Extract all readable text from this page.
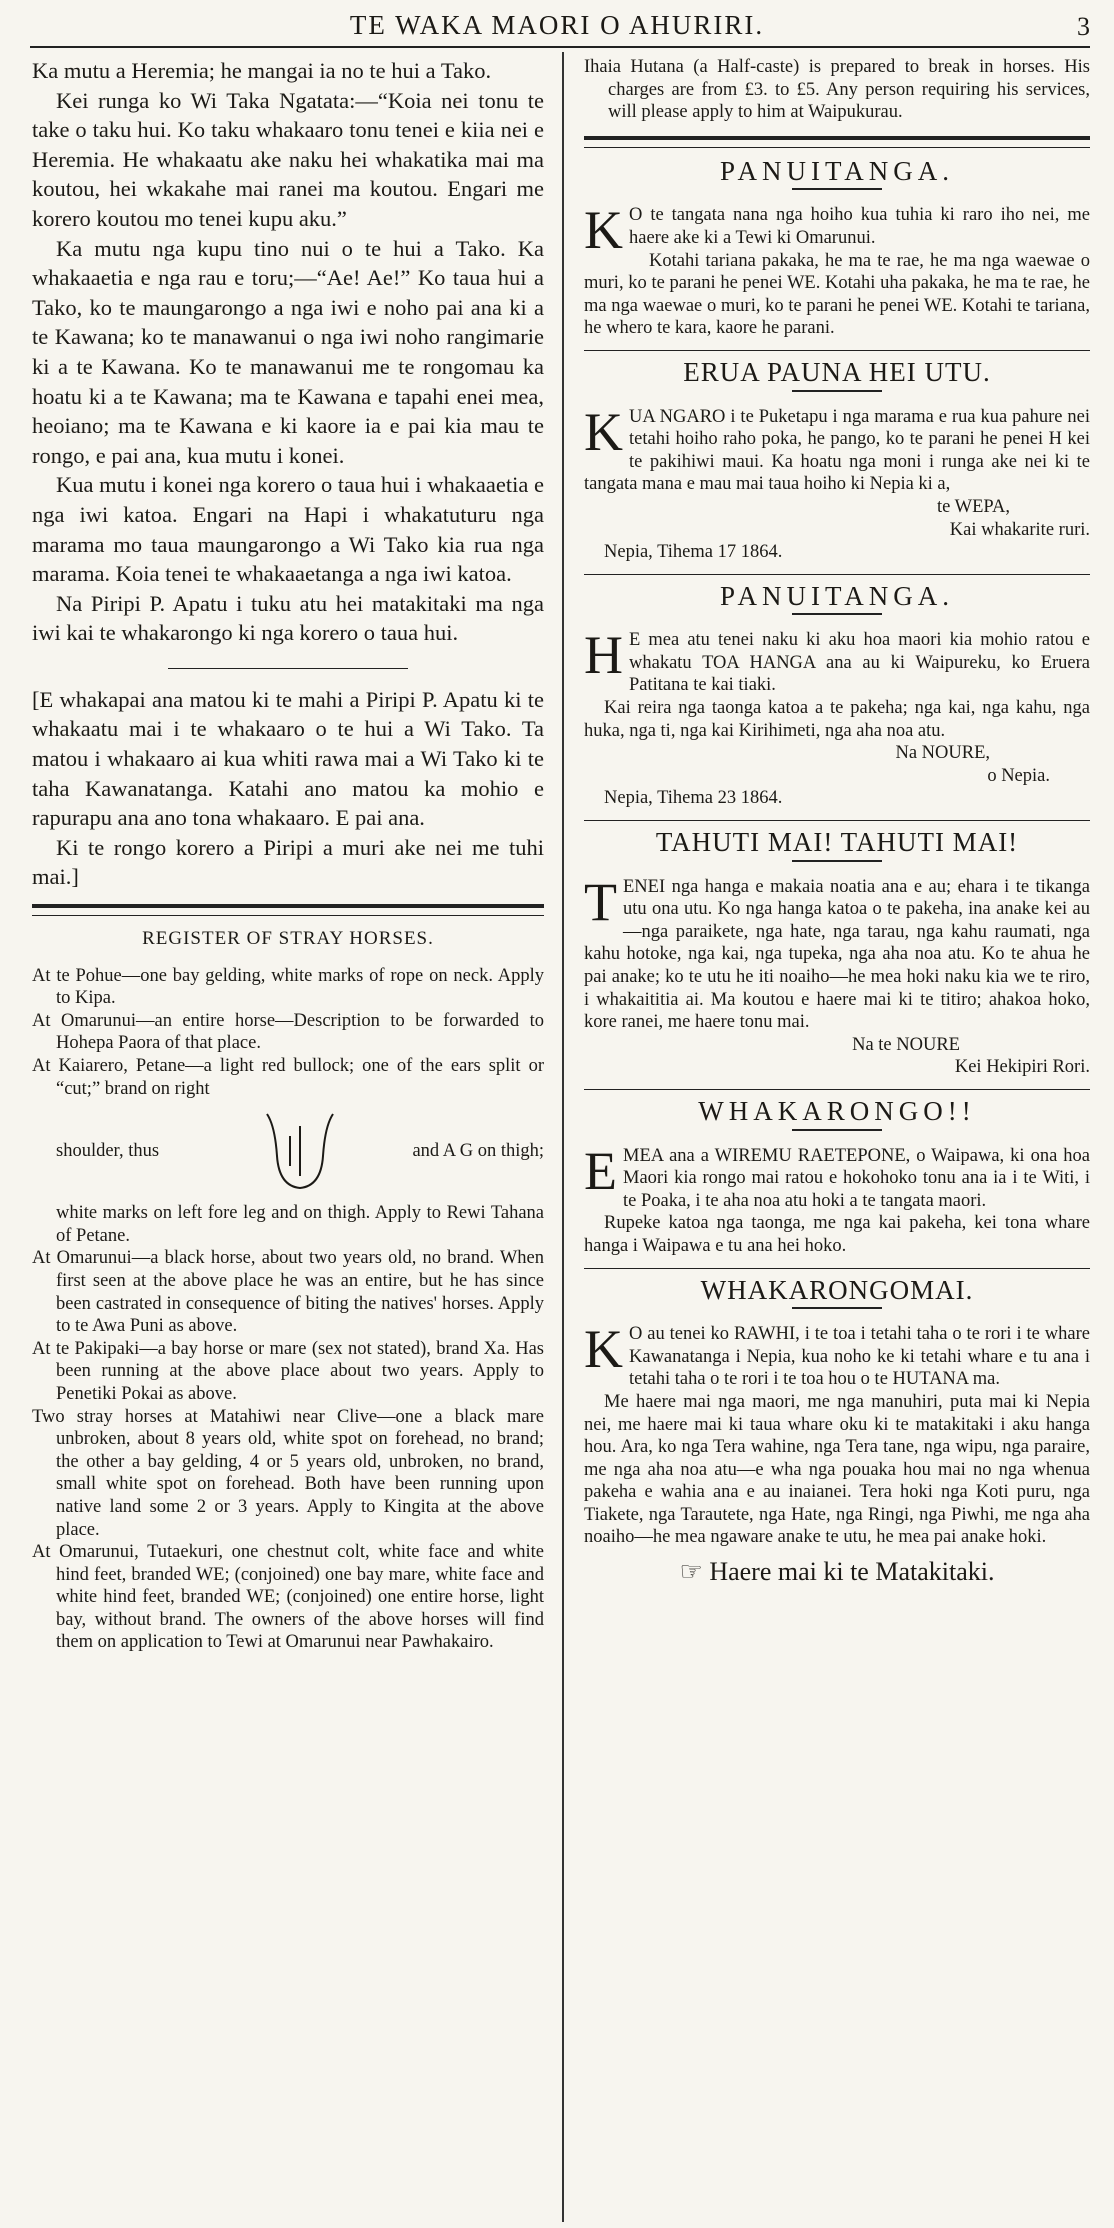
TE WAKA MAORI O AHURIRI.	3

Ka mutu a Heremia; he mangai ia no te hui a Tako.

Kei runga ko Wi Taka Ngatata:—“Koia nei tonu te take o taku hui. Ko taku whakaaro tonu tenei e kiia nei e Heremia. He whakaatu ake naku hei whakatika mai ma koutou, hei wkakahe mai ranei ma koutou. Engari me korero koutou mo tenei kupu aku.”

Ka mutu nga kupu tino nui o te hui a Tako. Ka whakaaetia e nga rau e toru;—“Ae! Ae!” Ko taua hui a Tako, ko te maungarongo a nga iwi e noho pai ana ki a te Kawana; ko te manawanui o nga iwi noho rangimarie ki a te Kawana. Ko te manawanui me te rongomau ka hoatu ki a te Kawana; ma te Kawana e tapahi enei mea, heoiano; ma te Kawana e ki kaore ia e pai kia mau te rongo, e pai ana, kua mutu i konei.

Kua mutu i konei nga korero o taua hui i whakaaetia e nga iwi katoa. Engari na Hapi i whakatuturu nga marama mo taua maungarongo a Wi Tako kia rua nga marama. Koia tenei te whakaaetanga a nga iwi katoa.

Na Piripi P. Apatu i tuku atu hei matakitaki ma nga iwi kai te whakarongo ki nga korero o taua hui.

[E whakapai ana matou ki te mahi a Piripi P. Apatu ki te whakaatu mai i te whakaaro o te hui a Wi Tako. Ta matou i whakaaro ai kua whiti rawa mai a Wi Tako ki te taha Kawanatanga. Katahi ano matou ka mohio e rapurapu ana ano tona whakaaro. E pai ana.

Ki te rongo korero a Piripi a muri ake nei me tuhi mai.]

REGISTER OF STRAY HORSES.

At te Pohue—one bay gelding, white marks of rope on neck. Apply to Kipa.

At Omarunui—an entire horse—Description to be forwarded to Hohepa Paora of that place.

At Kaiarero, Petane—a light red bullock; one of the ears split or “cut;” brand on right

shoulder, thus	and A G on thigh;

white marks on left fore leg and on thigh. Apply to Rewi Tahana of Petane.

At Omarunui—a black horse, about two years old, no brand. When first seen at the above place he was an entire, but he has since been castrated in consequence of biting the natives' horses. Apply to te Awa Puni as above.

At te Pakipaki—a bay horse or mare (sex not stated), brand Xa. Has been running at the above place about two years. Apply to Penetiki Pokai as above.

Two stray horses at Matahiwi near Clive—one a black mare unbroken, about 8 years old, white spot on forehead, no brand; the other a bay gelding, 4 or 5 years old, unbroken, no brand, small white spot on forehead. Both have been running upon native land some 2 or 3 years. Apply to Kingita at the above place.

At Omarunui, Tutaekuri, one chestnut colt, white face and white hind feet, branded WE; (conjoined) one bay mare, white face and white hind feet, branded WE; (conjoined) one entire horse, light bay, without brand. The owners of the above horses will find them on application to Tewi at Omarunui near Pawhakairo.

Ihaia Hutana (a Half-caste) is prepared to break in horses. His charges are from £3. to £5. Any person requiring his services, will please apply to him at Waipukurau.

PANUITANGA.

K O te tangata nana nga hoiho kua tuhia ki raro iho nei, me haere ake ki a Tewi ki Omarunui.

Kotahi tariana pakaka, he ma te rae, he ma nga waewae o muri, ko te parani he penei WE. Kotahi uha pakaka, he ma te rae, he ma nga waewae o muri, ko te parani he penei WE. Kotahi te tariana, he whero te kara, kaore he parani.

ERUA PAUNA HEI UTU.

KUA NGARO i te Puketapu i nga marama e rua kua pahure nei tetahi hoiho raho poka, he pango, ko te parani he penei H kei te pakihiwi maui. Ka hoatu nga moni i runga ake nei ki te tangata mana e mau mai taua hoiho ki Nepia ki a,

te WEPA,

Kai whakarite ruri.

Nepia, Tihema 17 1864.

PANUITANGA.

H E mea atu tenei naku ki aku hoa maori kia mohio ratou e whakatu TOA HANGA ana au ki Waipureku, ko Eruera Patitana te kai tiaki.

Kai reira nga taonga katoa a te pakeha; nga kai, nga kahu, nga huka, nga ti, nga kai Kirihimeti, nga aha noa atu.

Na NOURE,

o Nepia.

Nepia, Tihema 23 1864.

TAHUTI MAI! TAHUTI MAI!

TENEI nga hanga e makaia noatia ana e au; ehara i te tikanga utu ona utu. Ko nga hanga katoa o te pakeha, ina anake kei au—nga paraikete, nga hate, nga tarau, nga kahu raumati, nga kahu hotoke, nga kai, nga tupeka, nga aha noa atu. Ko te ahua he pai anake; ko te utu he iti noaiho—he mea hoki naku kia we te riro, i whakaititia ai. Ma koutou e haere mai ki te titiro; ahakoa hoko, kore ranei, me haere tonu mai.

Na te NOURE

Kei Hekipiri Rori.

WHAKARONGO!!

EMEA ana a WIREMU RAETEPONE, o Waipawa, ki ona hoa Maori kia rongo mai ratou e hokohoko tonu ana ia i te Witi, i te Poaka, i te aha noa atu hoki a te tangata maori.

Rupeke katoa nga taonga, me nga kai pakeha, kei tona whare hanga i Waipawa e tu ana hei hoko.

WHAKARONGOMAI.

K O au tenei ko RAWHI, i te toa i tetahi taha o te rori i te whare Kawanatanga i Nepia, kua noho ke ki tetahi whare e tu ana i tetahi taha o te rori i te toa hou o te HUTANA ma.

Me haere mai nga maori, me nga manuhiri, puta mai ki Nepia nei, me haere mai ki taua whare oku ki te matakitaki i aku hanga hou. Ara, ko nga Tera wahine, nga Tera tane, nga wipu, nga paraire, me nga aha noa atu—e wha nga pouaka hou mai no nga whenua pakeha e wahia ana e au inaianei. Tera hoki nga Koti puru, nga Tiakete, nga Tarautete, nga Hate, nga Ringi, nga Piwhi, me nga aha noaiho—he mea ngaware anake te utu, he mea pai anake hoki.

☞ Haere mai ki te Matakitaki.
